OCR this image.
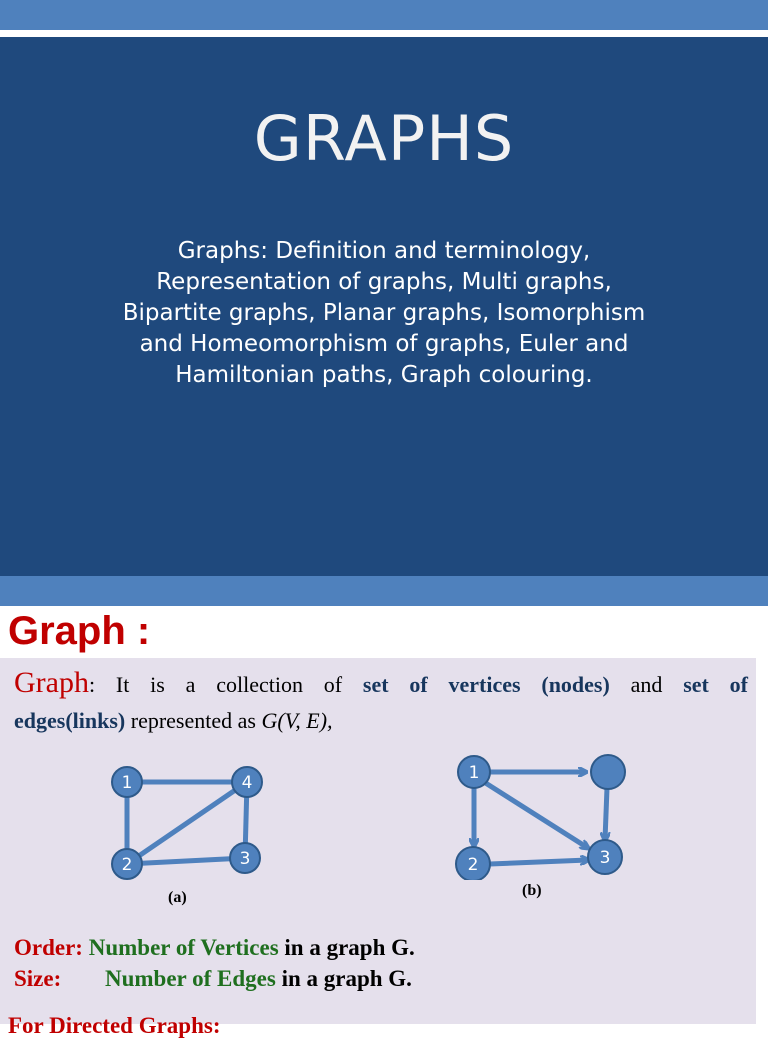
GRAPHS
Graphs: Definition and terminology,
Representation of graphs, Multi graphs,
Bipartite graphs, Planar graphs, Isomorphism
and Homeomorphism of graphs, Euler and
Hamiltonian paths, Graph colouring.
Graph :
Graph: It is a collection of set of vertices (nodes) and set of
edges(links) represented as G(V, E),
1	4
2	3
(a)
1
2	3
(b)
Order: Number of Vertices in a graph G.
Size: Number of Edges in a graph G.
For Directed Graphs:
